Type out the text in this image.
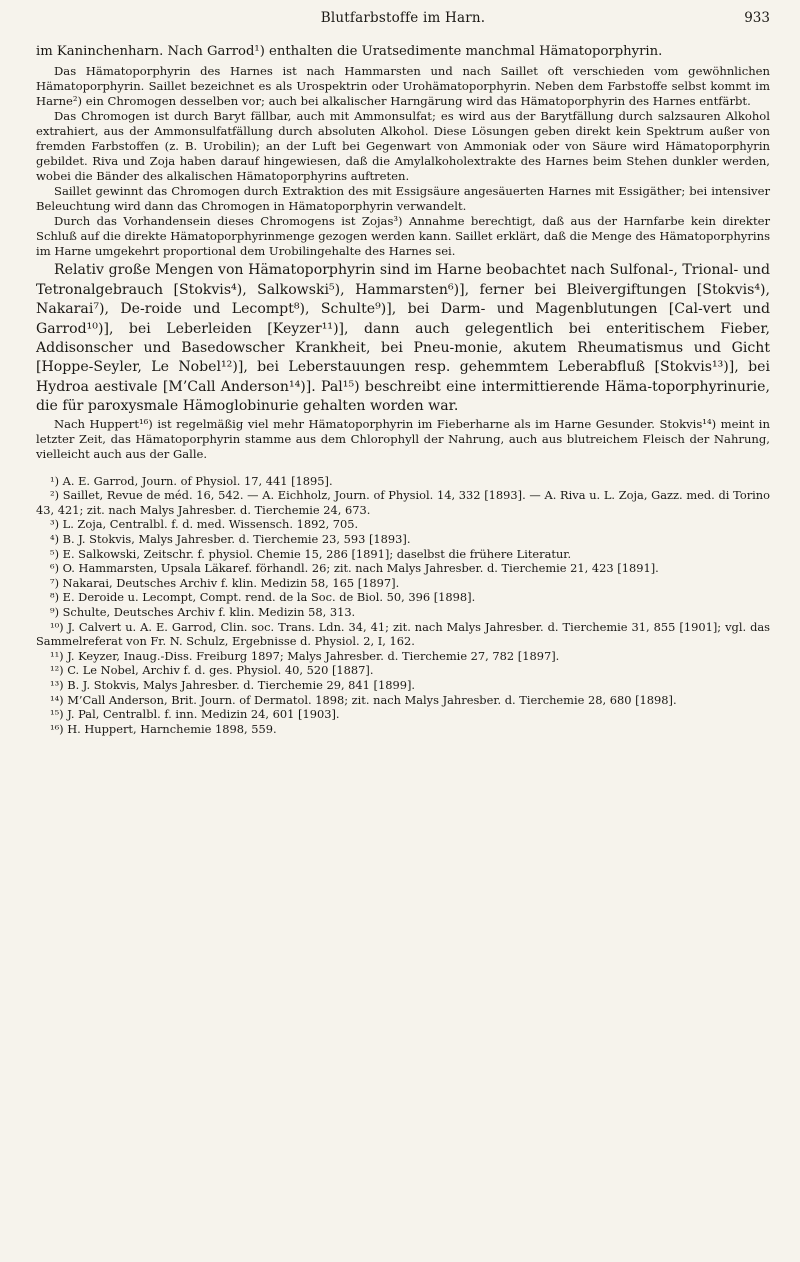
Blutfarbstoffe im Harn.	933

im Kaninchenharn. Nach Garrod¹) enthalten die Uratsedimente manchmal Hämatoporphyrin.

Das Hämatoporphyrin des Harnes ist nach Hammarsten und nach Saillet oft verschieden vom gewöhnlichen Hämatoporphyrin. Saillet bezeichnet es als Urospektrin oder Urohämatoporphyrin. Neben dem Farbstoffe selbst kommt im Harne²) ein Chromogen desselben vor; auch bei alkalischer Harngärung wird das Hämatoporphyrin des Harnes entfärbt.

Das Chromogen ist durch Baryt fällbar, auch mit Ammonsulfat; es wird aus der Barytfällung durch salzsauren Alkohol extrahiert, aus der Ammonsulfatfällung durch absoluten Alkohol. Diese Lösungen geben direkt kein Spektrum außer von fremden Farbstoffen (z. B. Urobilin); an der Luft bei Gegenwart von Ammoniak oder von Säure wird Hämatoporphyrin gebildet. Riva und Zoja haben darauf hingewiesen, daß die Amylalkoholextrakte des Harnes beim Stehen dunkler werden, wobei die Bänder des alkalischen Hämatoporphyrins auftreten.

Saillet gewinnt das Chromogen durch Extraktion des mit Essigsäure angesäuerten Harnes mit Essigäther; bei intensiver Beleuchtung wird dann das Chromogen in Hämatoporphyrin verwandelt.

Durch das Vorhandensein dieses Chromogens ist Zojas³) Annahme berechtigt, daß aus der Harnfarbe kein direkter Schluß auf die direkte Hämatoporphyrinmenge gezogen werden kann. Saillet erklärt, daß die Menge des Hämatoporphyrins im Harne umgekehrt proportional dem Urobilingehalte des Harnes sei.

Relativ große Mengen von Hämatoporphyrin sind im Harne beobachtet nach Sulfonal-, Trional- und Tetronalgebrauch [Stokvis⁴), Salkowski⁵), Hammarsten⁶)], ferner bei Bleivergiftungen [Stokvis⁴), Nakarai⁷), De-roide und Lecompt⁸), Schulte⁹)], bei Darm- und Magenblutungen [Cal-vert und Garrod¹⁰)], bei Leberleiden [Keyzer¹¹)], dann auch gelegentlich bei enteritischem Fieber, Addisonscher und Basedowscher Krankheit, bei Pneu-monie, akutem Rheumatismus und Gicht [Hoppe-Seyler, Le Nobel¹²)], bei Leberstauungen resp. gehemmtem Leberabfluß [Stokvis¹³)], bei Hydroa aestivale [M’Call Anderson¹⁴)]. Pal¹⁵) beschreibt eine intermittierende Häma-toporphyrinurie, die für paroxysmale Hämoglobinurie gehalten worden war.

Nach Huppert¹⁶) ist regelmäßig viel mehr Hämatoporphyrin im Fieberharne als im Harne Gesunder. Stokvis¹⁴) meint in letzter Zeit, das Hämatoporphyrin stamme aus dem Chlorophyll der Nahrung, auch aus blutreichem Fleisch der Nahrung, vielleicht auch aus der Galle.

¹) A. E. Garrod, Journ. of Physiol. 17, 441 [1895].

²) Saillet, Revue de méd. 16, 542. — A. Eichholz, Journ. of Physiol. 14, 332 [1893]. — A. Riva u. L. Zoja, Gazz. med. di Torino 43, 421; zit. nach Malys Jahresber. d. Tierchemie 24, 673.

³) L. Zoja, Centralbl. f. d. med. Wissensch. 1892, 705.

⁴) B. J. Stokvis, Malys Jahresber. d. Tierchemie 23, 593 [1893].

⁵) E. Salkowski, Zeitschr. f. physiol. Chemie 15, 286 [1891]; daselbst die frühere Literatur.

⁶) O. Hammarsten, Upsala Läkaref. förhandl. 26; zit. nach Malys Jahresber. d. Tierchemie 21, 423 [1891].

⁷) Nakarai, Deutsches Archiv f. klin. Medizin 58, 165 [1897].

⁸) E. Deroide u. Lecompt, Compt. rend. de la Soc. de Biol. 50, 396 [1898].

⁹) Schulte, Deutsches Archiv f. klin. Medizin 58, 313.

¹⁰) J. Calvert u. A. E. Garrod, Clin. soc. Trans. Ldn. 34, 41; zit. nach Malys Jahresber. d. Tierchemie 31, 855 [1901]; vgl. das Sammelreferat von Fr. N. Schulz, Ergebnisse d. Physiol. 2, I, 162.

¹¹) J. Keyzer, Inaug.-Diss. Freiburg 1897; Malys Jahresber. d. Tierchemie 27, 782 [1897].

¹²) C. Le Nobel, Archiv f. d. ges. Physiol. 40, 520 [1887].

¹³) B. J. Stokvis, Malys Jahresber. d. Tierchemie 29, 841 [1899].

¹⁴) M’Call Anderson, Brit. Journ. of Dermatol. 1898; zit. nach Malys Jahresber. d. Tierchemie 28, 680 [1898].

¹⁵) J. Pal, Centralbl. f. inn. Medizin 24, 601 [1903].

¹⁶) H. Huppert, Harnchemie 1898, 559.
